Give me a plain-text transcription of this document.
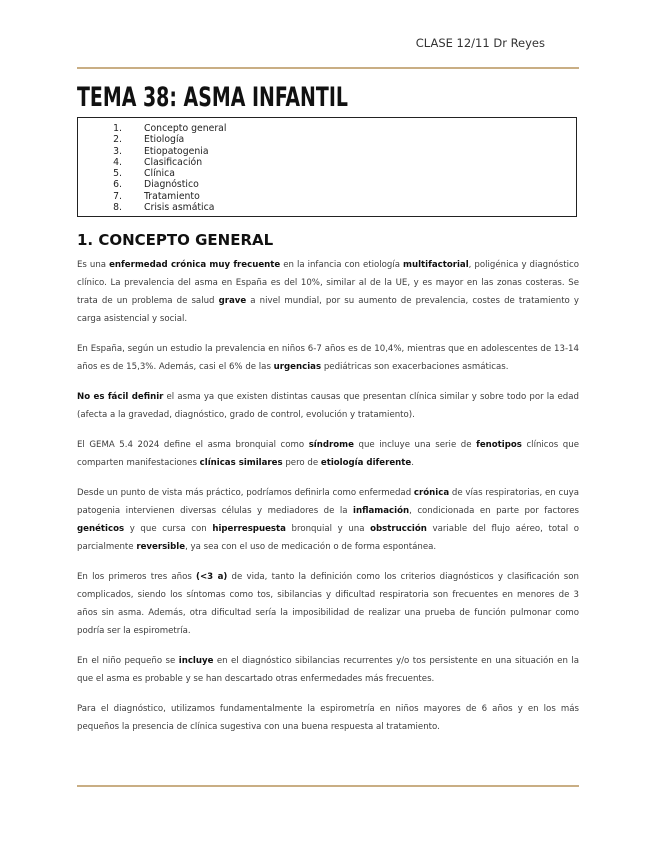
CLASE 12/11 Dr Reyes
TEMA 38: ASMA INFANTIL
1. Concepto general
2. Etiología
3. Etiopatogenia
4. Clasificación
5. Clínica
6. Diagnóstico
7. Tratamiento
8. Crisis asmática
1. CONCEPTO GENERAL

Es una enfermedad crónica muy frecuente en la infancia con etiología multifactorial, poligénica y diagnóstico clínico. La prevalencia del asma en España es del 10%, similar al de la UE, y es mayor en las zonas costeras. Se trata de un problema de salud grave a nivel mundial, por su aumento de prevalencia, costes de tratamiento y carga asistencial y social.

En España, según un estudio la prevalencia en niños 6-7 años es de 10,4%, mientras que en adolescentes de 13-14 años es de 15,3%. Además, casi el 6% de las urgencias pediátricas son exacerbaciones asmáticas.

No es fácil definir el asma ya que existen distintas causas que presentan clínica similar y sobre todo por la edad (afecta a la gravedad, diagnóstico, grado de control, evolución y tratamiento).

El GEMA 5.4 2024 define el asma bronquial como síndrome que incluye una serie de fenotipos clínicos que comparten manifestaciones clínicas similares pero de etiología diferente.

Desde un punto de vista más práctico, podríamos definirla como enfermedad crónica de vías respiratorias, en cuya patogenia intervienen diversas células y mediadores de la inflamación, condicionada en parte por factores genéticos y que cursa con hiperrespuesta bronquial y una obstrucción variable del flujo aéreo, total o parcialmente reversible, ya sea con el uso de medicación o de forma espontánea.

En los primeros tres años (<3 a) de vida, tanto la definición como los criterios diagnósticos y clasificación son complicados, siendo los síntomas como tos, sibilancias y dificultad respiratoria son frecuentes en menores de 3 años sin asma. Además, otra dificultad sería la imposibilidad de realizar una prueba de función pulmonar como podría ser la espirometría.

En el niño pequeño se incluye en el diagnóstico sibilancias recurrentes y/o tos persistente en una situación en la que el asma es probable y se han descartado otras enfermedades más frecuentes.

Para el diagnóstico, utilizamos fundamentalmente la espirometría en niños mayores de 6 años y en los más pequeños la presencia de clínica sugestiva con una buena respuesta al tratamiento.
